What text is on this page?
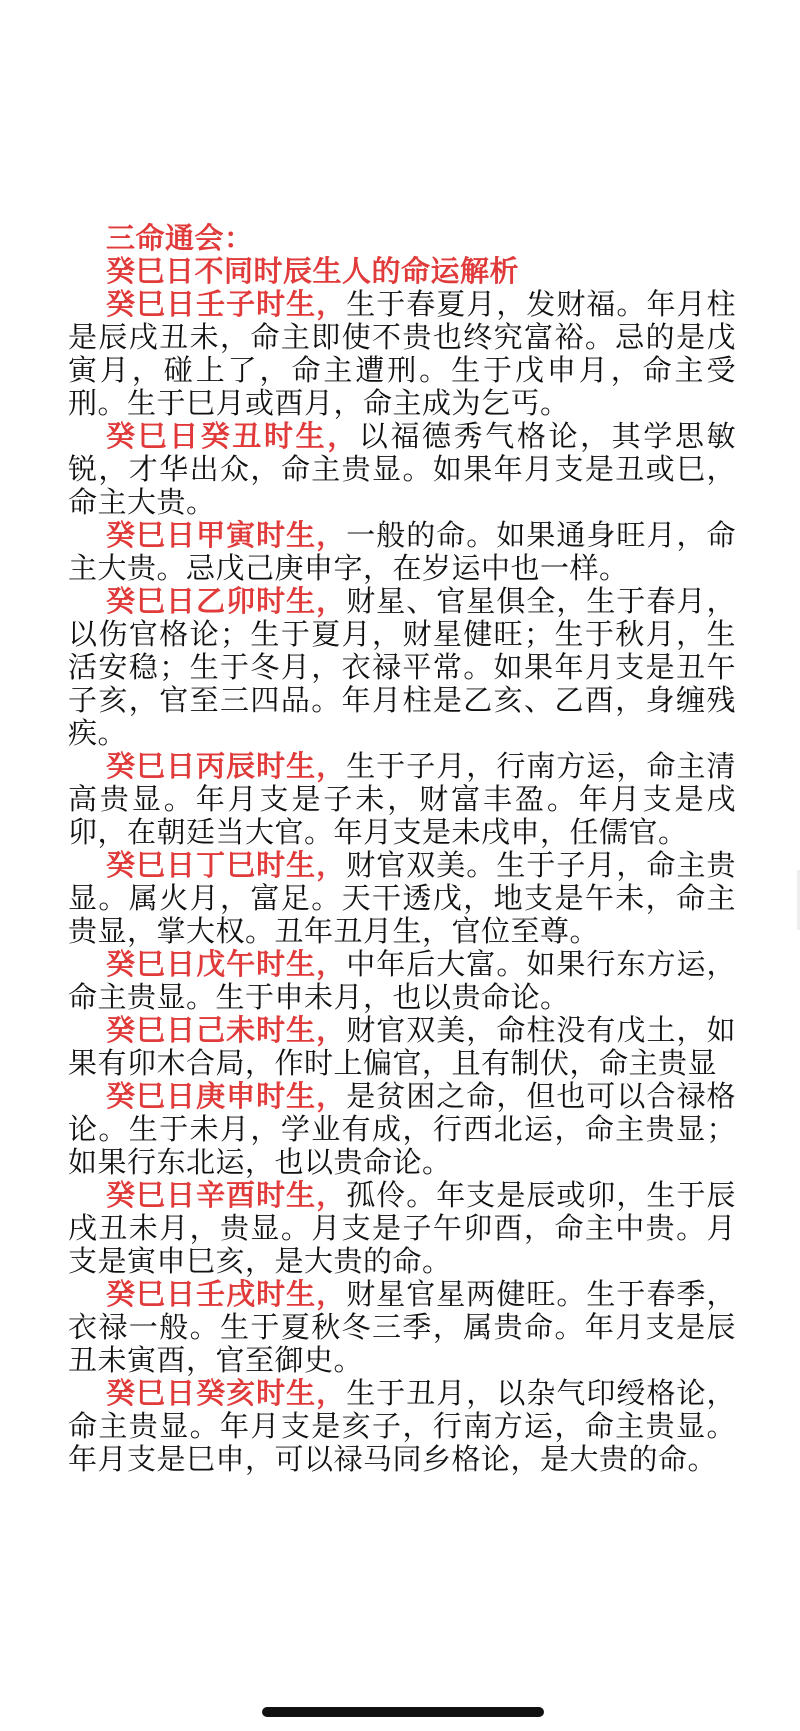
三命通会：

癸巳日不同时辰生人的命运解析

癸巳日壬子时生，生于春夏月，发财福。年月柱是辰戌丑未，命主即使不贵也终究富裕。忌的是戊寅月，碰上了，命主遭刑。生于戊申月，命主受刑。生于巳月或酉月，命主成为乞丐。

癸巳日癸丑时生，以福德秀气格论，其学思敏锐，才华出众，命主贵显。如果年月支是丑或巳，命主大贵。

癸巳日甲寅时生，一般的命。如果通身旺月，命主大贵。忌戊己庚申字，在岁运中也一样。

癸巳日乙卯时生，财星、官星俱全，生于春月，以伤官格论；生于夏月，财星健旺；生于秋月，生活安稳；生于冬月，衣禄平常。如果年月支是丑午子亥，官至三四品。年月柱是乙亥、乙酉，身缠残疾。

癸巳日丙辰时生，生于子月，行南方运，命主清高贵显。年月支是子未，财富丰盈。年月支是戌卯，在朝廷当大官。年月支是未戌申，任儒官。

癸巳日丁巳时生，财官双美。生于子月，命主贵显。属火月，富足。天干透戊，地支是午未，命主贵显，掌大权。丑年丑月生，官位至尊。

癸巳日戊午时生，中年后大富。如果行东方运，命主贵显。生于申未月，也以贵命论。

癸巳日己未时生，财官双美，命柱没有戊土，如果有卯木合局，作时上偏官，且有制伏，命主贵显

癸巳日庚申时生，是贫困之命，但也可以合禄格论。生于未月，学业有成，行西北运，命主贵显；如果行东北运，也以贵命论。

癸巳日辛酉时生，孤伶。年支是辰或卯，生于辰戌丑未月，贵显。月支是子午卯酉，命主中贵。月支是寅申巳亥，是大贵的命。

癸巳日壬戌时生，财星官星两健旺。生于春季，衣禄一般。生于夏秋冬三季，属贵命。年月支是辰丑未寅酉，官至御史。

癸巳日癸亥时生，生于丑月，以杂气印绶格论，命主贵显。年月支是亥子，行南方运，命主贵显。年月支是巳申，可以禄马同乡格论，是大贵的命。
